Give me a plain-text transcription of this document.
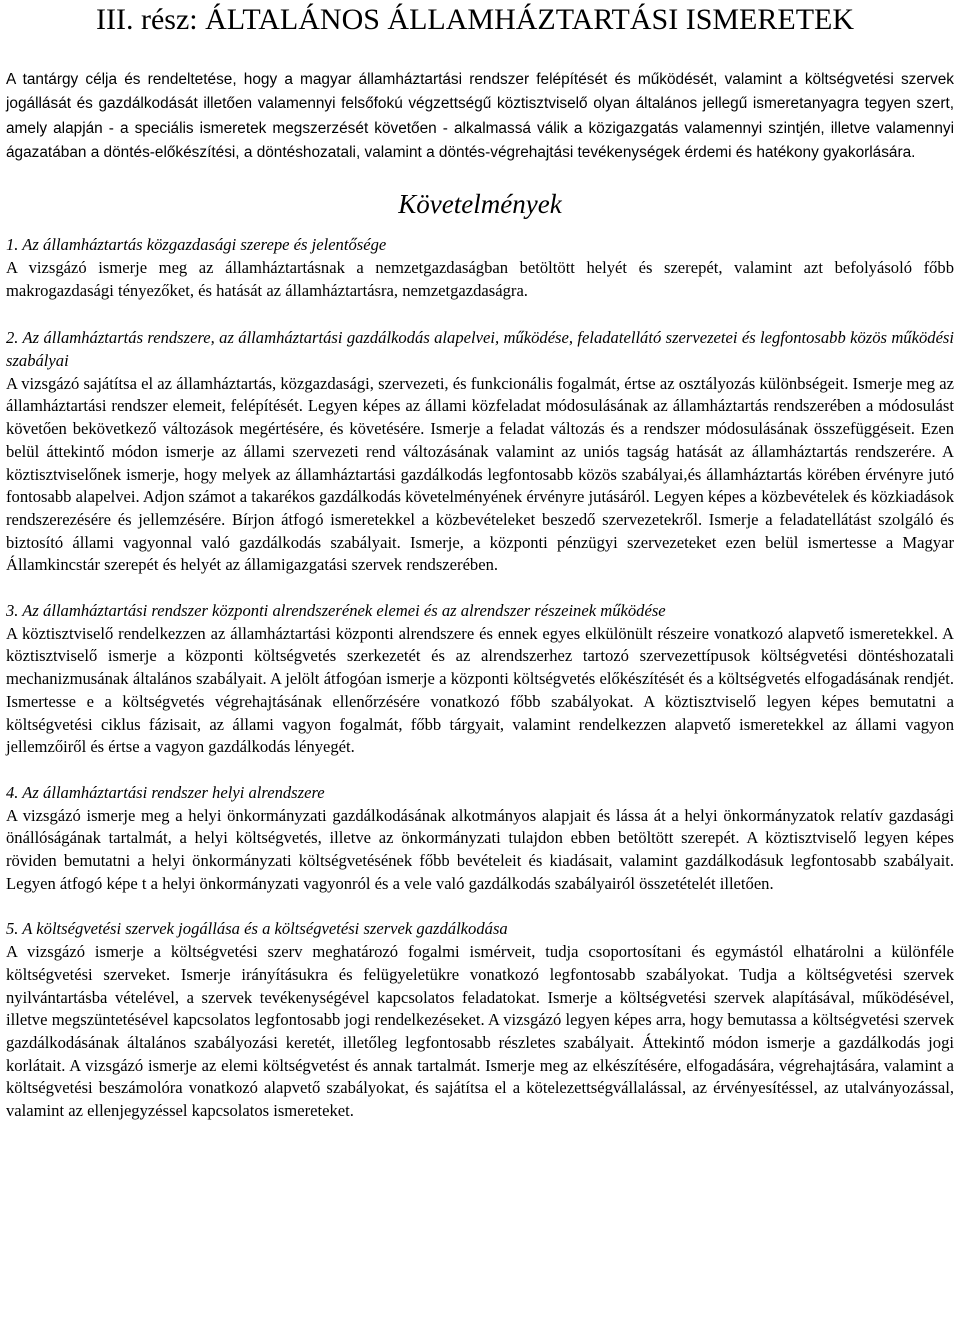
III. rész: ÁLTALÁNOS ÁLLAMHÁZTARTÁSI ISMERETEK

A tantárgy célja és rendeltetése, hogy a magyar államháztartási rendszer felépítését és működését, valamint a költségvetési szervek jogállását és gazdálkodását illetően valamennyi felsőfokú végzettségű köztisztviselő olyan általános jellegű ismeretanyagra tegyen szert, amely alapján - a speciális ismeretek megszerzését követően - alkalmassá válik a közigazgatás valamennyi szintjén, illetve valamennyi ágazatában a döntés-előkészítési, a döntéshozatali, valamint a döntés-végrehajtási tevékenységek érdemi és hatékony gyakorlására.

Követelmények
1. Az államháztartás közgazdasági szerepe és jelentősége
A vizsgázó ismerje meg az államháztartásnak a nemzetgazdaságban betöltött helyét és szerepét, valamint azt befolyásoló főbb makrogazdasági tényezőket, és hatását az államháztartásra, nemzetgazdaságra.
2. Az államháztartás rendszere, az államháztartási gazdálkodás alapelvei, működése, feladatellátó szervezetei és legfontosabb közös működési szabályai
A vizsgázó sajátítsa el az államháztartás, közgazdasági, szervezeti, és funkcionális fogalmát, értse az osztályozás különbségeit. Ismerje meg az államháztartási rendszer elemeit, felépítését. Legyen képes az állami közfeladat módosulásának az államháztartás rendszerében a módosulást követően bekövetkező változások megértésére, és követésére. Ismerje a feladat változás és a rendszer módosulásának összefüggéseit. Ezen belül áttekintő módon ismerje az állami szervezeti rend változásának valamint az uniós tagság hatását az államháztartás rendszerére. A köztisztviselőnek ismerje, hogy melyek az államháztartási gazdálkodás legfontosabb közös szabályai,és államháztartás körében érvényre jutó fontosabb alapelvei. Adjon számot a takarékos gazdálkodás követelményének érvényre jutásáról. Legyen képes a közbevételek és közkiadások rendszerezésére és jellemzésére. Bírjon átfogó ismeretekkel a közbevételeket beszedő szervezetekről. Ismerje a feladatellátást szolgáló és biztosító állami vagyonnal való gazdálkodás szabályait. Ismerje, a központi pénzügyi szervezeteket ezen belül ismertesse a Magyar Államkincstár szerepét és helyét az államigazgatási szervek rendszerében.
3. Az államháztartási rendszer központi alrendszerének elemei és az alrendszer részeinek működése
A köztisztviselő rendelkezzen az államháztartási központi alrendszere és ennek egyes elkülönült részeire vonatkozó alapvető ismeretekkel. A köztisztviselő ismerje a központi költségvetés szerkezetét és az alrendszerhez tartozó szervezettípusok költségvetési döntéshozatali mechanizmusának általános szabályait. A jelölt átfogóan ismerje a központi költségvetés előkészítését és a költségvetés elfogadásának rendjét. Ismertesse e a költségvetés végrehajtásának ellenőrzésére vonatkozó főbb szabályokat. A köztisztviselő legyen képes bemutatni a költségvetési ciklus fázisait, az állami vagyon fogalmát, főbb tárgyait, valamint rendelkezzen alapvető ismeretekkel az állami vagyon jellemzőiről és értse a vagyon gazdálkodás lényegét.
4. Az államháztartási rendszer helyi alrendszere
A vizsgázó ismerje meg a helyi önkormányzati gazdálkodásának alkotmányos alapjait és lássa át a helyi önkormányzatok relatív gazdasági önállóságának tartalmát, a helyi költségvetés, illetve az önkormányzati tulajdon ebben betöltött szerepét. A köztisztviselő legyen képes röviden bemutatni a helyi önkormányzati költségvetésének főbb bevételeit és kiadásait, valamint gazdálkodásuk legfontosabb szabályait. Legyen átfogó képe t a helyi önkormányzati vagyonról és a vele való gazdálkodás szabályairól összetételét illetően.
5. A költségvetési szervek jogállása és a költségvetési szervek gazdálkodása
A vizsgázó ismerje a költségvetési szerv meghatározó fogalmi ismérveit, tudja csoportosítani és egymástól elhatárolni a különféle költségvetési szerveket. Ismerje irányításukra és felügyeletükre vonatkozó legfontosabb szabályokat. Tudja a költségvetési szervek nyilvántartásba vételével, a szervek tevékenységével kapcsolatos feladatokat. Ismerje a költségvetési szervek alapításával, működésével, illetve megszüntetésével kapcsolatos legfontosabb jogi rendelkezéseket. A vizsgázó legyen képes arra, hogy bemutassa a költségvetési szervek gazdálkodásának általános szabályozási keretét, illetőleg legfontosabb részletes szabályait. Áttekintő módon ismerje a gazdálkodás jogi korlátait. A vizsgázó ismerje az elemi költségvetést és annak tartalmát. Ismerje meg az elkészítésére, elfogadására, végrehajtására, valamint a költségvetési beszámolóra vonatkozó alapvető szabályokat, és sajátítsa el a kötelezettségvállalással, az érvényesítéssel, az utalványozással, valamint az ellenjegyzéssel kapcsolatos ismereteket.
